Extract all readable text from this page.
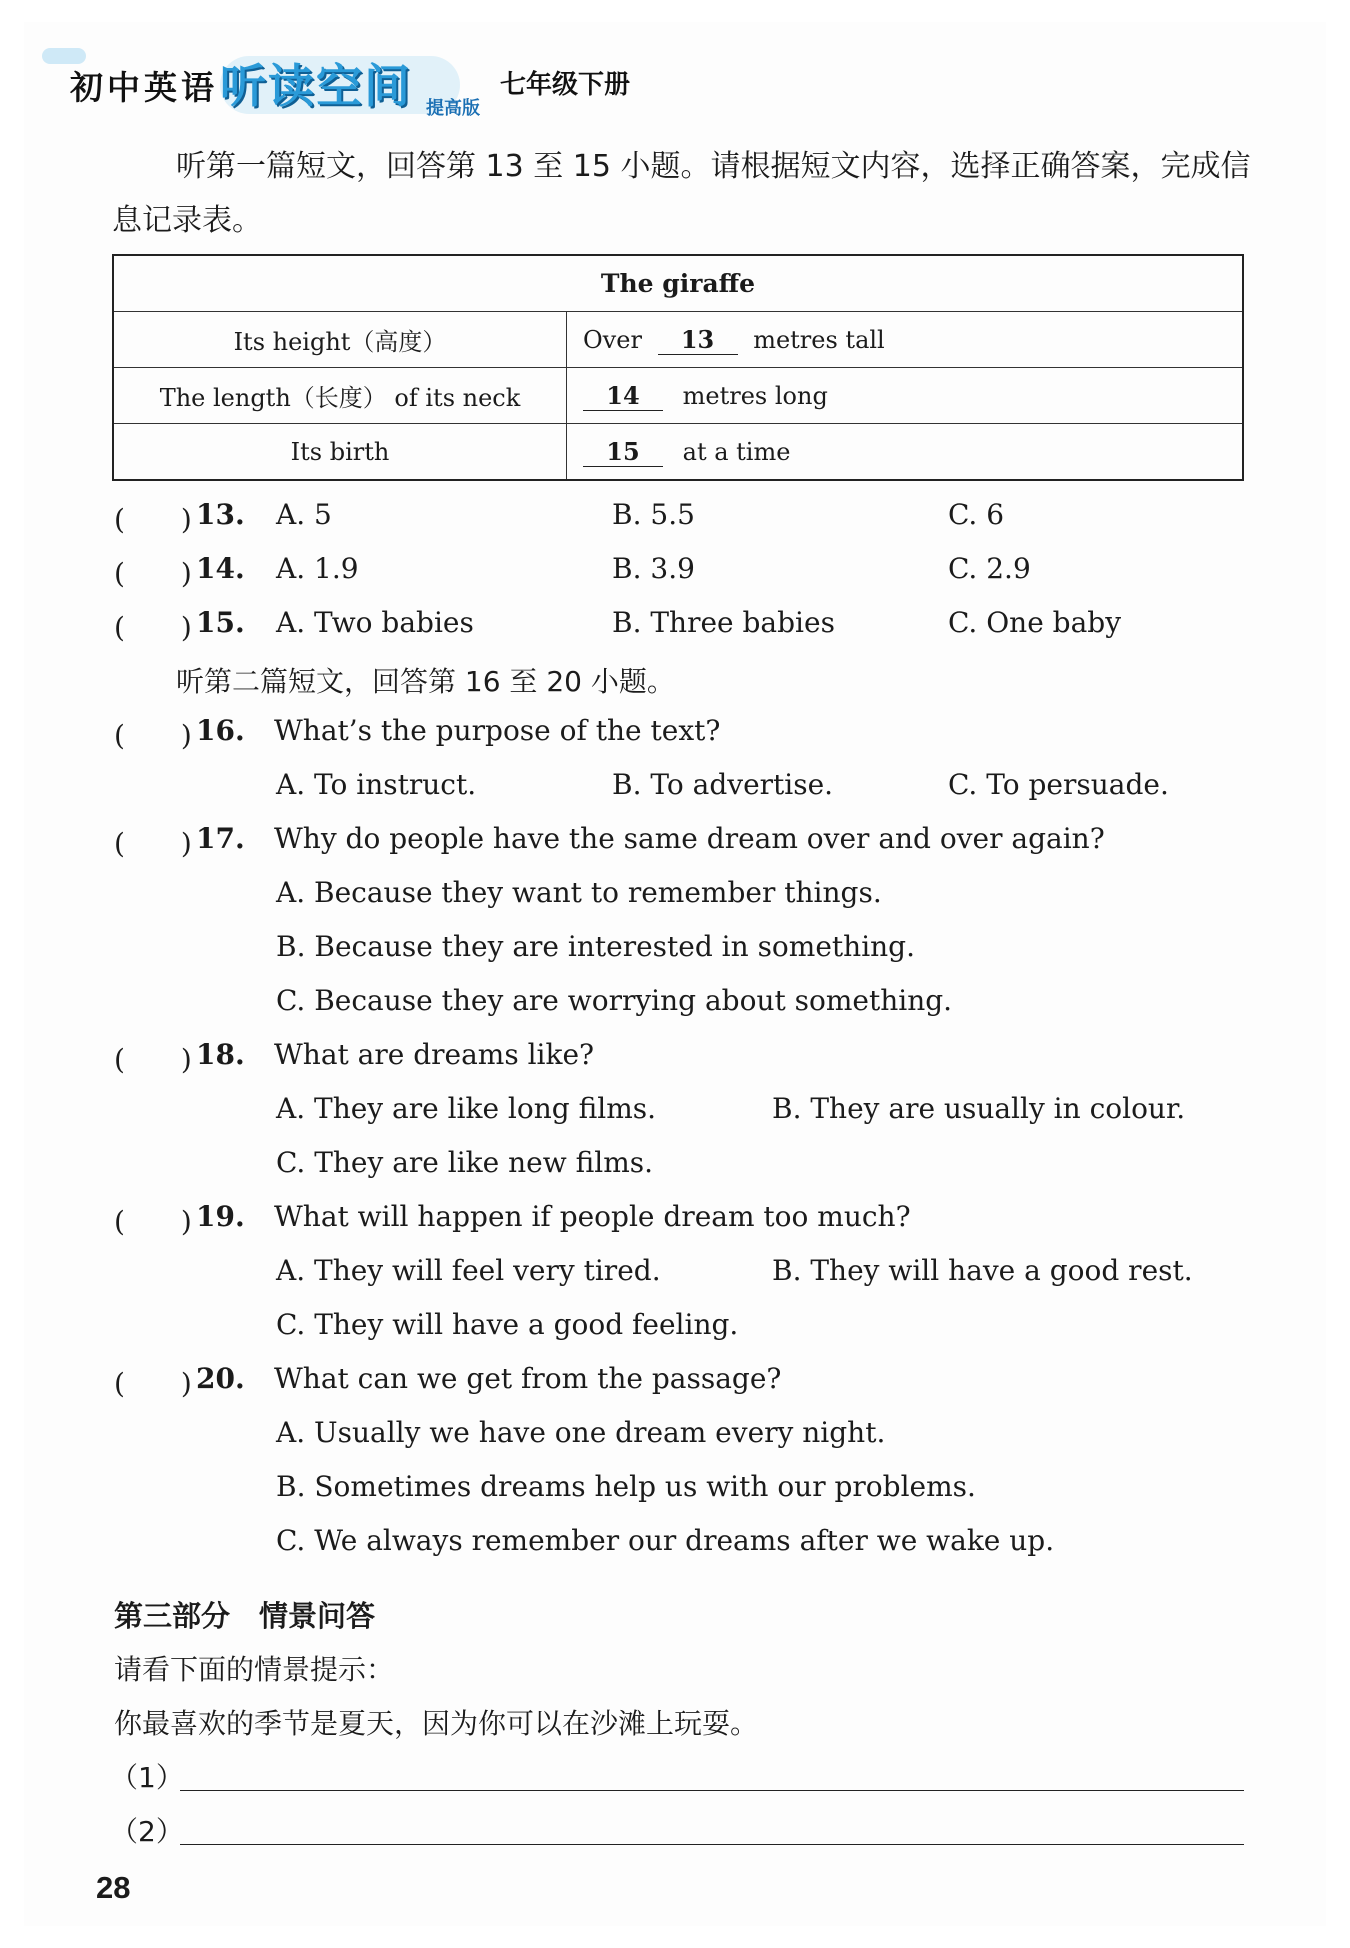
初中英语 听读空间 提高版
七年级下册
听第一篇短文，回答第 13 至 15 小题。请根据短文内容，选择正确答案，完成信息记录表。
The giraffe	
Its height（高度）	Over 13 metres tall
The length（长度） of its neck	14 metres long
Its birth	15 at a time
(　　) 13. A. 5	B. 5.5	C. 6
(　　) 14. A. 1.9	B. 3.9	C. 2.9
(　　) 15. A. Two babies	B. Three babies	C. One baby
听第二篇短文，回答第 16 至 20 小题。
(　　) 16. What’s the purpose of the text?
A. To instruct.	B. To advertise.	C. To persuade.
(　　) 17. Why do people have the same dream over and over again?
A. Because they want to remember things.
B. Because they are interested in something.
C. Because they are worrying about something.
(　　) 18. What are dreams like?
A. They are like long films.	B. They are usually in colour.
C. They are like new films.
(　　) 19. What will happen if people dream too much?
A. They will feel very tired.	B. They will have a good rest.
C. They will have a good feeling.
(　　) 20. What can we get from the passage?
A. Usually we have one dream every night.
B. Sometimes dreams help us with our problems.
C. We always remember our dreams after we wake up.
第三部分　情景问答
请看下面的情景提示：
你最喜欢的季节是夏天，因为你可以在沙滩上玩耍。
（1）
（2）
28
